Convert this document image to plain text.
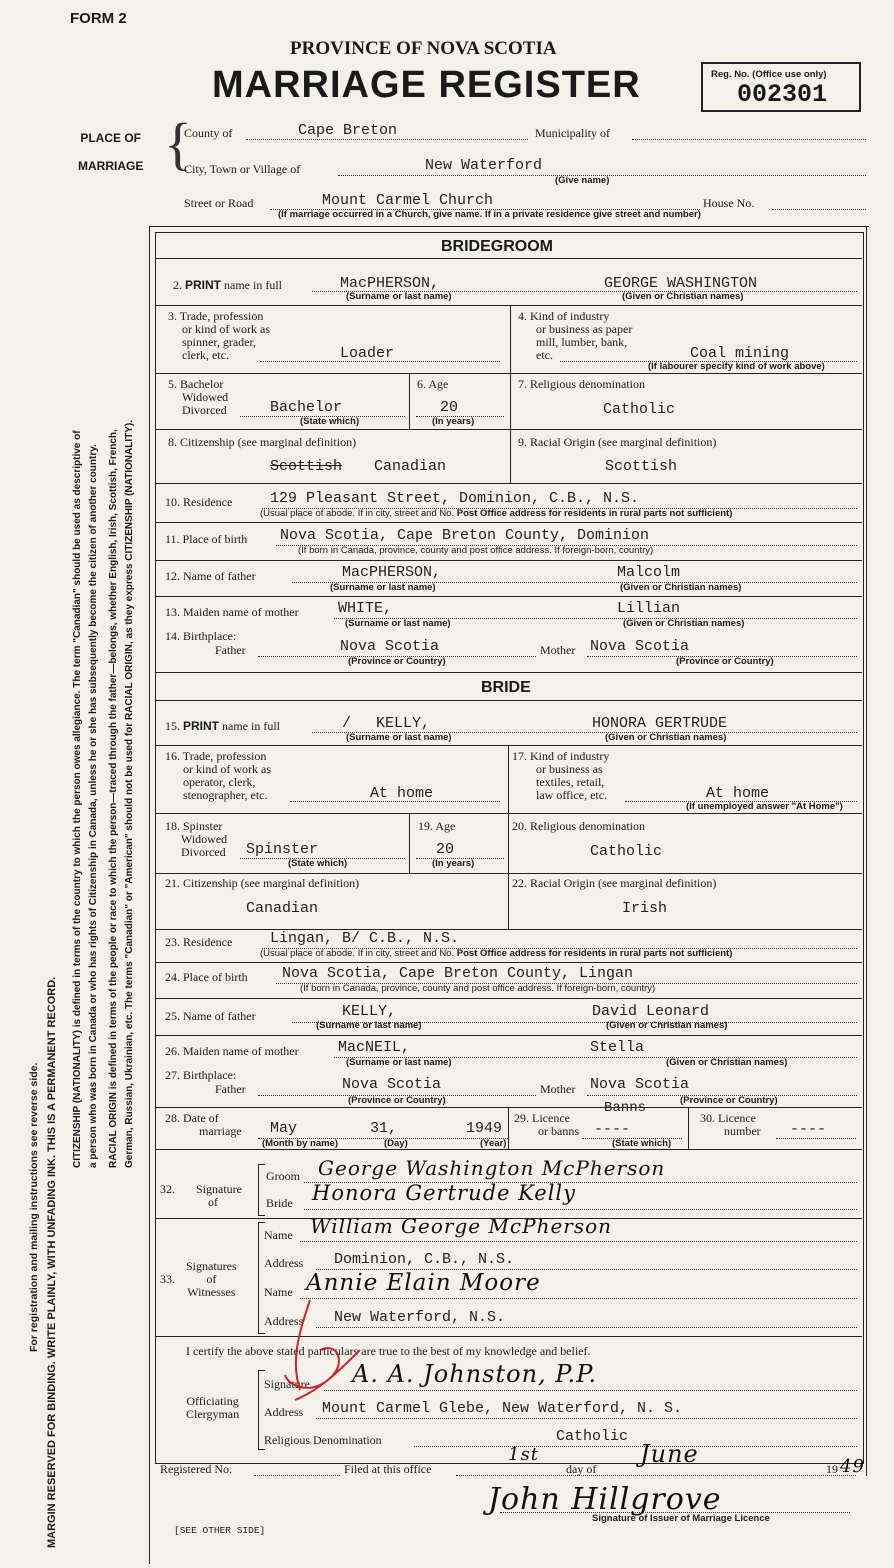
FORM 2
PROVINCE OF NOVA SCOTIA
MARRIAGE REGISTER	Reg. No. (Office use only)
002301
PLACE OF
MARRIAGE {
County of	Cape Breton	Municipality of
City, Town or Village of	New Waterford
(Give name)
Street or Road	Mount Carmel Church	House No.
(If marriage occurred in a Church, give name. If in a private residence give street and number)
For registration and mailing instructions see reverse side. MARGIN RESERVED FOR BINDING. WRITE PLAINLY, WITH UNFADING INK. THIS IS A PERMANENT RECORD.
CITIZENSHIP (NATIONALITY) is defined in terms of the country to which the person owes allegiance. The term "Canadian" should be used as descriptive of a person who was born in Canada or who has rights of Citizenship in Canada, unless he or she has subsequently become the citizen of another country. RACIAL ORIGIN is defined in terms of the people or race to which the person—traced through the father—belongs, whether English, Irish, Scottish, French, German, Russian, Ukrainian, etc. The terms "Canadian" or "American" should not be used for RACIAL ORIGIN, as they express CITIZENSHIP (NATIONALITY).
BRIDEGROOM
2. PRINT name in full	MacPHERSON,	GEORGE WASHINGTON
(Surname or last name)	(Given or Christian names)
3. Trade, profession
or kind of work as
spinner, grader,
clerk, etc.	Loader
4. Kind of industry
or business as paper
mill, lumber, bank,
etc.	Coal mining
(If labourer specify kind of work above)
5. Bachelor
Widowed
Divorced	Bachelor
(State which)
6. Age
20
(In years)
7. Religious denomination
Catholic
8. Citizenship (see marginal definition)
Scottish Canadian
9. Racial Origin (see marginal definition)
Scottish
10. Residence	129 Pleasant Street, Dominion, C.B., N.S.
(Usual place of abode. If in city, street and No. Post Office address for residents in rural parts not sufficient)
11. Place of birth Nova Scotia, Cape Breton County, Dominion
(If born in Canada, province, county and post office address. If foreign-born, country)
12. Name of father	MacPHERSON,	Malcolm
(Surname or last name)	(Given or Christian names)
13. Maiden name of mother	WHITE,	Lillian
(Surname or last name)	(Given or Christian names)
14. Birthplace:
Father	Nova Scotia
(Province or Country)
Mother Nova Scotia
(Province or Country)
BRIDE
15. PRINT name in full	/ KELLY,	HONORA GERTRUDE
(Surname or last name)	(Given or Christian names)
16. Trade, profession
or kind of work as
operator, clerk,
stenographer, etc.	At home
17. Kind of industry
or business as
textiles, retail,
law office, etc.	At home
(If unemployed answer "At Home")
18. Spinster
Widowed
Divorced Spinster
(State which)
19. Age
20
(In years)
20. Religious denomination
Catholic
21. Citizenship (see marginal definition)
Canadian
22. Racial Origin (see marginal definition)
Irish
23. Residence	Lingan, B/ C.B., N.S.
(Usual place of abode. If in city, street and No. Post Office address for residents in rural parts not sufficient)
24. Place of birth Nova Scotia, Cape Breton County, Lingan
(If born in Canada, province, county and post office address. If foreign-born, country)
25. Name of father	KELLY,	David Leonard
(Surname or last name)	(Given or Christian names)
26. Maiden name of mother	MacNEIL,	Stella
(Surname or last name)	(Given or Christian names)
27. Birthplace:
Father	Nova Scotia
(Province or Country)
Mother Nova Scotia
(Province or Country)
28. Date of
marriage May	31,	1949
(Month by name)	(Day)	(Year)
29. Licence
or banns
Banns
----
(State which)
30. Licence
number ----
32. Signature
of
Groom George Washington McPherson
Bride Honora Gertrude Kelly
33.
Signatures
of
Witnesses
Name William George McPherson
Address Dominion, C.B., N.S.
Name Annie Elain Moore
Address New Waterford, N.S.
I certify the above stated particulars are true to the best of my knowledge and belief.
Officiating
Clergyman
Signature A. A. Johnston, P.P.
Address Mount Carmel Glebe, New Waterford, N. S.
Religious Denomination	Catholic
Registered No.	Filed at this office
1st
day of
June
19 49
John Hillgrove
Signature of Issuer of Marriage Licence
[SEE OTHER SIDE]
